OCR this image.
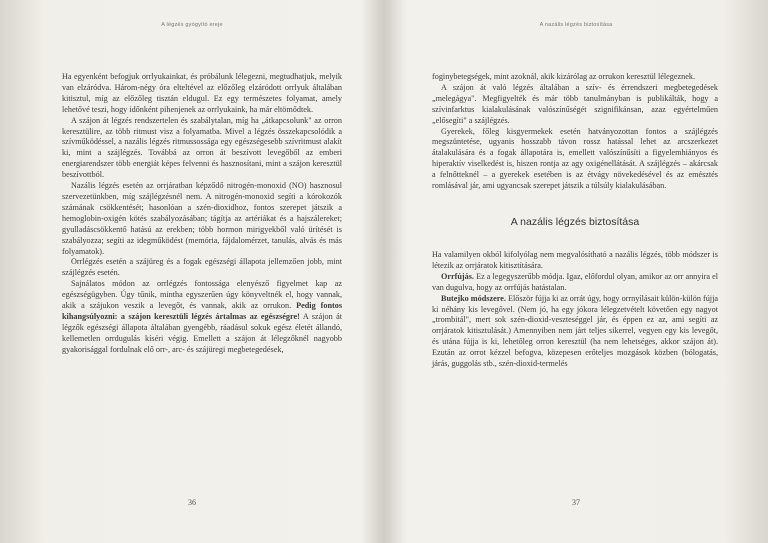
A légzés gyógyító ereje

Ha egyenként befogjuk orrlyukainkat, és próbálunk lélegezni, megtudhatjuk, melyik van elzáródva. Három-négy óra elteltével az előzőleg elzáródott orrlyuk általában kitisztul, míg az előzőleg tisztán eldugul. Ez egy természetes folyamat, amely lehetővé teszi, hogy időnként pihenjenek az orrlyukaink, ha már eltömődtek.

A szájon át légzés rendszertelen és szabálytalan, míg ha „átkapcsolunk" az orron keresztülire, az több ritmust visz a folyamatba. Mivel a légzés összekapcsolódik a szívműködéssel, a nazális légzés ritmussossága egy egészségesebb szívritmust alakít ki, mint a szájlégzés. Továbbá az orron át beszívott levegőből az emberi energiarendszer több energiát képes felvenni és hasznosítani, mint a szájon keresztül beszívottból.

Nazális légzés esetén az orrjáratban képződő nitrogén-monoxid (NO) hasznosul szervezetünkben, míg szájlégzésnél nem. A nitrogén-monoxid segíti a kórokozók számának csökkentését; hasonlóan a szén-dioxidhoz, fontos szerepet játszik a hemoglobin-oxigén kötés szabályozásában; tágítja az artériákat és a hajszálereket; gyulladáscsökkentő hatású az erekben; több hormon mirigyekből való ürítését is szabályozza; segíti az idegműködést (memória, fájdalomérzet, tanulás, alvás és más folyamatok).

Orrlégzés esetén a szájüreg és a fogak egészségi állapota jellemzően jobb, mint szájlégzés esetén.

Sajnálatos módon az orrlégzés fontossága elenyésző figyelmet kap az egészségügyben. Úgy tűnik, mintha egyszerűen úgy könyveltnék el, hogy vannak, akik a szájukon veszik a levegőt, és vannak, akik az orrukon. Pedig fontos kihangsúlyozni: a szájon keresztüli légzés ártalmas az egészségre! A szájon át légzők egészségi állapota általában gyengébb, ráadásul sokuk egész életét állandó, kellemetlen orrdugulás kíséri végig. Emellett a szájon át lélegzőknél nagyobb gyakorisággal fordulnak elő orr-, arc- és szájüregi megbetegedések,

36
A nazális légzés biztosítása

foginybetegségek, mint azoknál, akik kizárólag az orrukon keresztül lélegeznek.

A szájon át való légzés általában a szív- és érrendszeri megbetegedések „melegágya". Megfigyelték és már több tanulmányban is publikálták, hogy a szívinfarktus kialakulásának valószínűségét szignifikánsan, azaz egyértelműen „elősegíti" a szájlégzés.

Gyerekek, főleg kisgyermekek esetén hatványozottan fontos a szájlégzés megszüntetése, ugyanis hosszabb távon rossz hatással lehet az arcszerkezet átalakulására és a fogak állapotára is, emellett valószínűsíti a figyelemhiányos és hiperaktív viselkedést is, hiszen rontja az agy oxigénellátását. A szájlégzés – akárcsak a felnőtteknél – a gyerekek esetében is az étvágy növekedésével és az emésztés romlásával jár, ami ugyancsak szerepet játszik a túlsúly kialakulásában.

A nazális légzés biztosítása

Ha valamilyen okból kifolyólag nem megvalósítható a nazális légzés, több módszer is létezik az orrjáratok kitisztítására.

Orrfújás. Ez a legegyszerűbb módja. Igaz, előfordul olyan, amikor az orr annyira el van dugulva, hogy az orrfújás hatástalan.

Butejko módszere. Először fújja ki az orrát úgy, hogy orrnyílásait külön-külön fújja ki néhány kis levegővel. (Nem jó, ha egy jókora lélegzetvételt követően egy nagyot „trombitál", mert sok szén-dioxid-veszteséggel jár, és éppen ez az, ami segíti az orrjáratok kitisztulását.) Amennyiben nem járt teljes sikerrel, vegyen egy kis levegőt, és utána fújja is ki, lehetőleg orron keresztül (ha nem lehetséges, akkor szájon át). Ezután az orrot kézzel befogva, közepesen erőteljes mozgások közben (bólogatás, járás, guggolás stb., szén-dioxid-termelés

37
